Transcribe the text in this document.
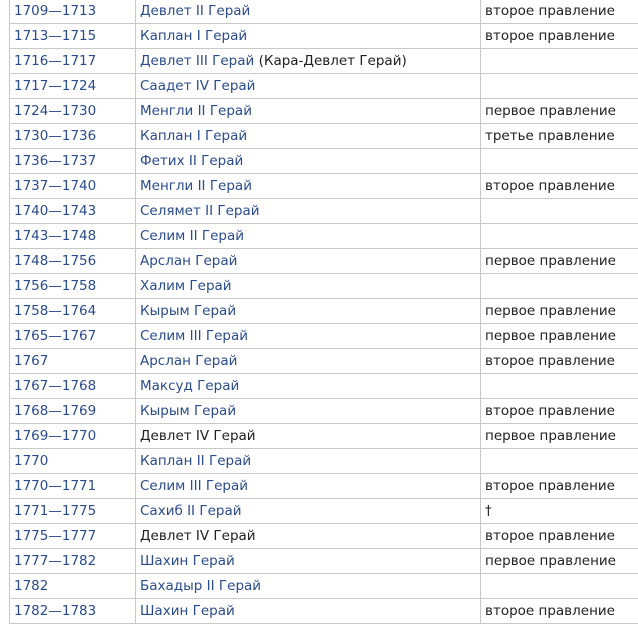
1709—1713	Девлет II Герай	второе правление
1713—1715	Каплан I Герай	второе правление
1716—1717	Девлет III Герай (Кара-Девлет Герай)	
1717—1724	Саадет IV Герай	
1724—1730	Менгли II Герай	первое правление
1730—1736	Каплан I Герай	третье правление
1736—1737	Фетих II Герай	
1737—1740	Менгли II Герай	второе правление
1740—1743	Селямет II Герай	
1743—1748	Селим II Герай	
1748—1756	Арслан Герай	первое правление
1756—1758	Халим Герай	
1758—1764	Кырым Герай	первое правление
1765—1767	Селим III Герай	первое правление
1767	Арслан Герай	второе правление
1767—1768	Максуд Герай	
1768—1769	Кырым Герай	второе правление
1769—1770	Девлет IV Герай	первое правление
1770	Каплан II Герай	
1770—1771	Селим III Герай	второе правление
1771—1775	Сахиб II Герай	†
1775—1777	Девлет IV Герай	второе правление
1777—1782	Шахин Герай	первое правление
1782	Бахадыр II Герай	
1782—1783	Шахин Герай	второе правление
